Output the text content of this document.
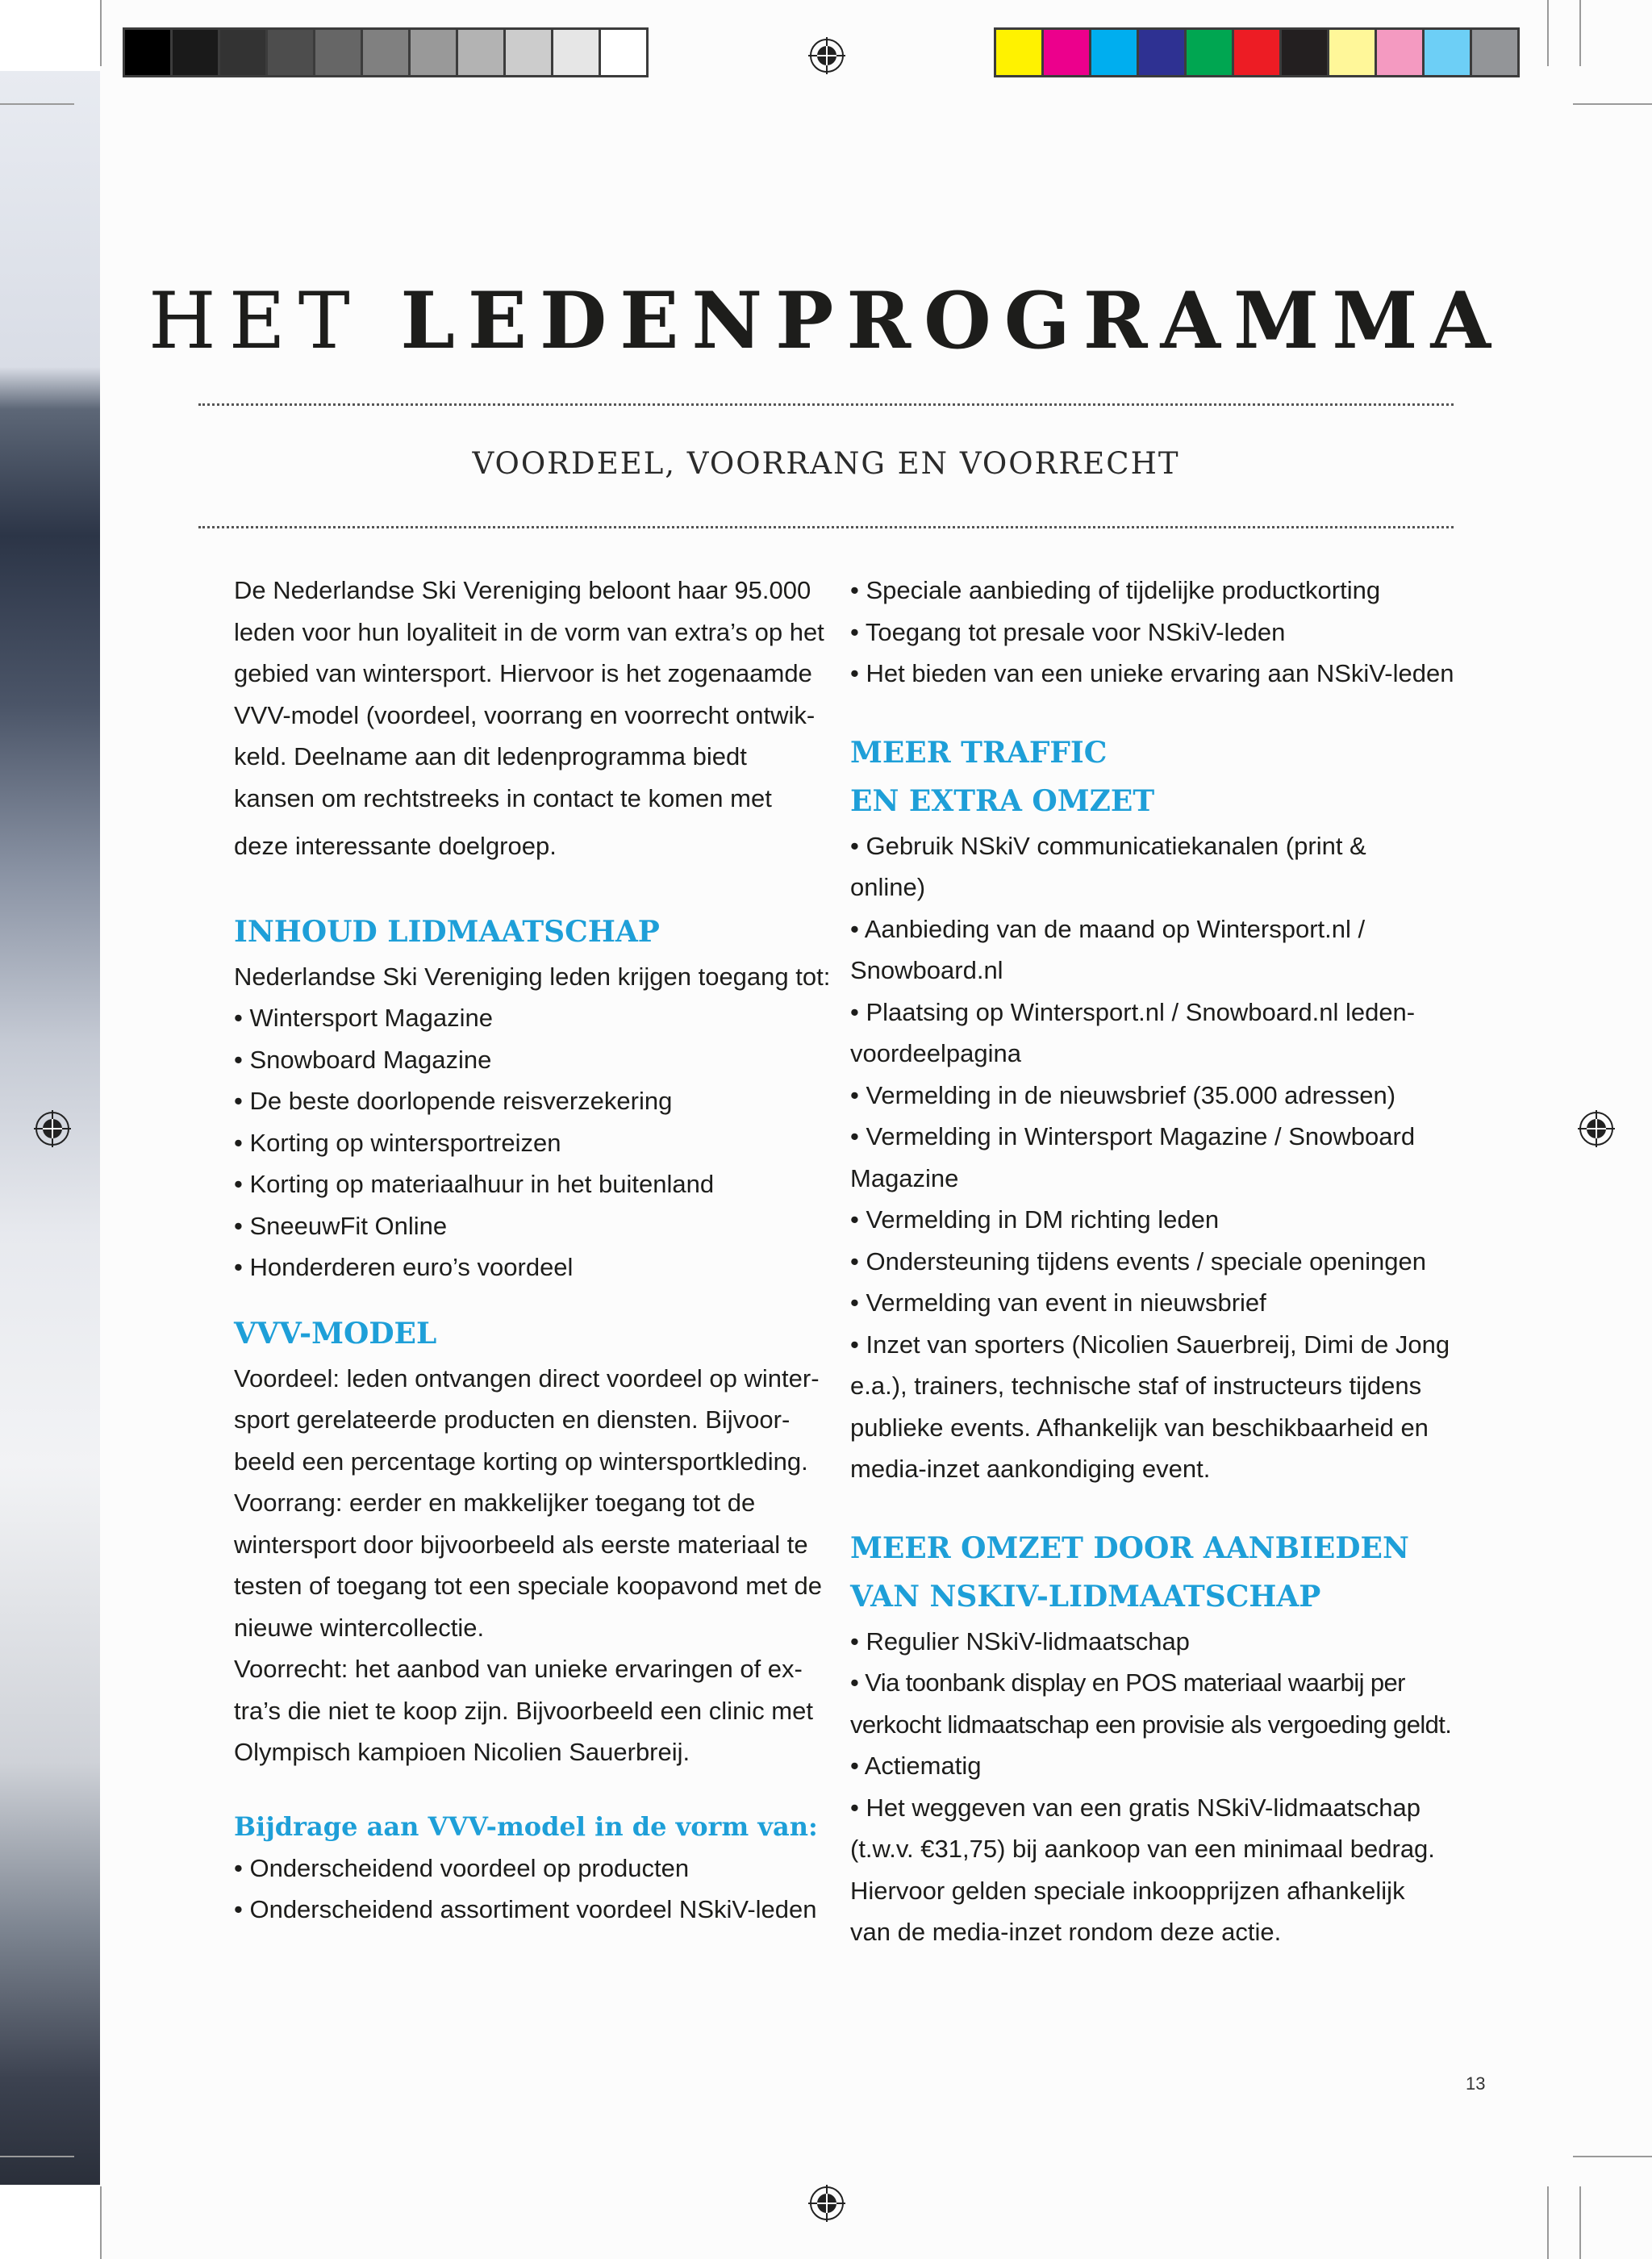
HET LEDENPROGRAMMA
VOORDEEL, VOORRANG EN VOORRECHT

De Nederlandse Ski Vereniging beloont haar 95.000
leden voor hun loyaliteit in de vorm van extra’s op het
gebied van wintersport. Hiervoor is het zogenaamde
VVV-model (voordeel, voorrang en voorrecht ontwik-
keld. Deelname aan dit ledenprogramma biedt
kansen om rechtstreeks in contact te komen met
deze interessante doelgroep.

INHOUD LIDMAATSCHAP
Nederlandse Ski Vereniging leden krijgen toegang tot:
• Wintersport Magazine
• Snowboard Magazine
• De beste doorlopende reisverzekering
• Korting op wintersportreizen
• Korting op materiaalhuur in het buitenland
• SneeuwFit Online
• Honderderen euro’s voordeel
VVV-MODEL
Voordeel: leden ontvangen direct voordeel op winter-
sport gerelateerde producten en diensten. Bijvoor-
beeld een percentage korting op wintersportkleding.
Voorrang: eerder en makkelijker toegang tot de
wintersport door bijvoorbeeld als eerste materiaal te
testen of toegang tot een speciale koopavond met de
nieuwe wintercollectie.
Voorrecht: het aanbod van unieke ervaringen of ex-
tra’s die niet te koop zijn. Bijvoorbeeld een clinic met
Olympisch kampioen Nicolien Sauerbreij.
Bijdrage aan VVV-model in de vorm van:
• Onderscheidend voordeel op producten
• Onderscheidend assortiment voordeel NSkiV-leden
• Speciale aanbieding of tijdelijke productkorting
• Toegang tot presale voor NSkiV-leden
• Het bieden van een unieke ervaring aan NSkiV-leden
MEER TRAFFIC
EN EXTRA OMZET
• Gebruik NSkiV communicatiekanalen (print &
online)
• Aanbieding van de maand op Wintersport.nl /
Snowboard.nl
• Plaatsing op Wintersport.nl / Snowboard.nl leden-
voordeelpagina
• Vermelding in de nieuwsbrief (35.000 adressen)
• Vermelding in Wintersport Magazine / Snowboard
Magazine
• Vermelding in DM richting leden
• Ondersteuning tijdens events / speciale openingen
• Vermelding van event in nieuwsbrief
• Inzet van sporters (Nicolien Sauerbreij, Dimi de Jong
e.a.), trainers, technische staf of instructeurs tijdens
publieke events. Afhankelijk van beschikbaarheid en
media-inzet aankondiging event.
MEER OMZET DOOR AANBIEDEN
VAN NSKIV-LIDMAATSCHAP
• Regulier NSkiV-lidmaatschap
• Via toonbank display en POS materiaal waarbij per
verkocht lidmaatschap een provisie als vergoeding geldt.
• Actiematig
• Het weggeven van een gratis NSkiV-lidmaatschap
(t.w.v. €31,75) bij aankoop van een minimaal bedrag.
Hiervoor gelden speciale inkoopprijzen afhankelijk
van de media-inzet rondom deze actie.
13
